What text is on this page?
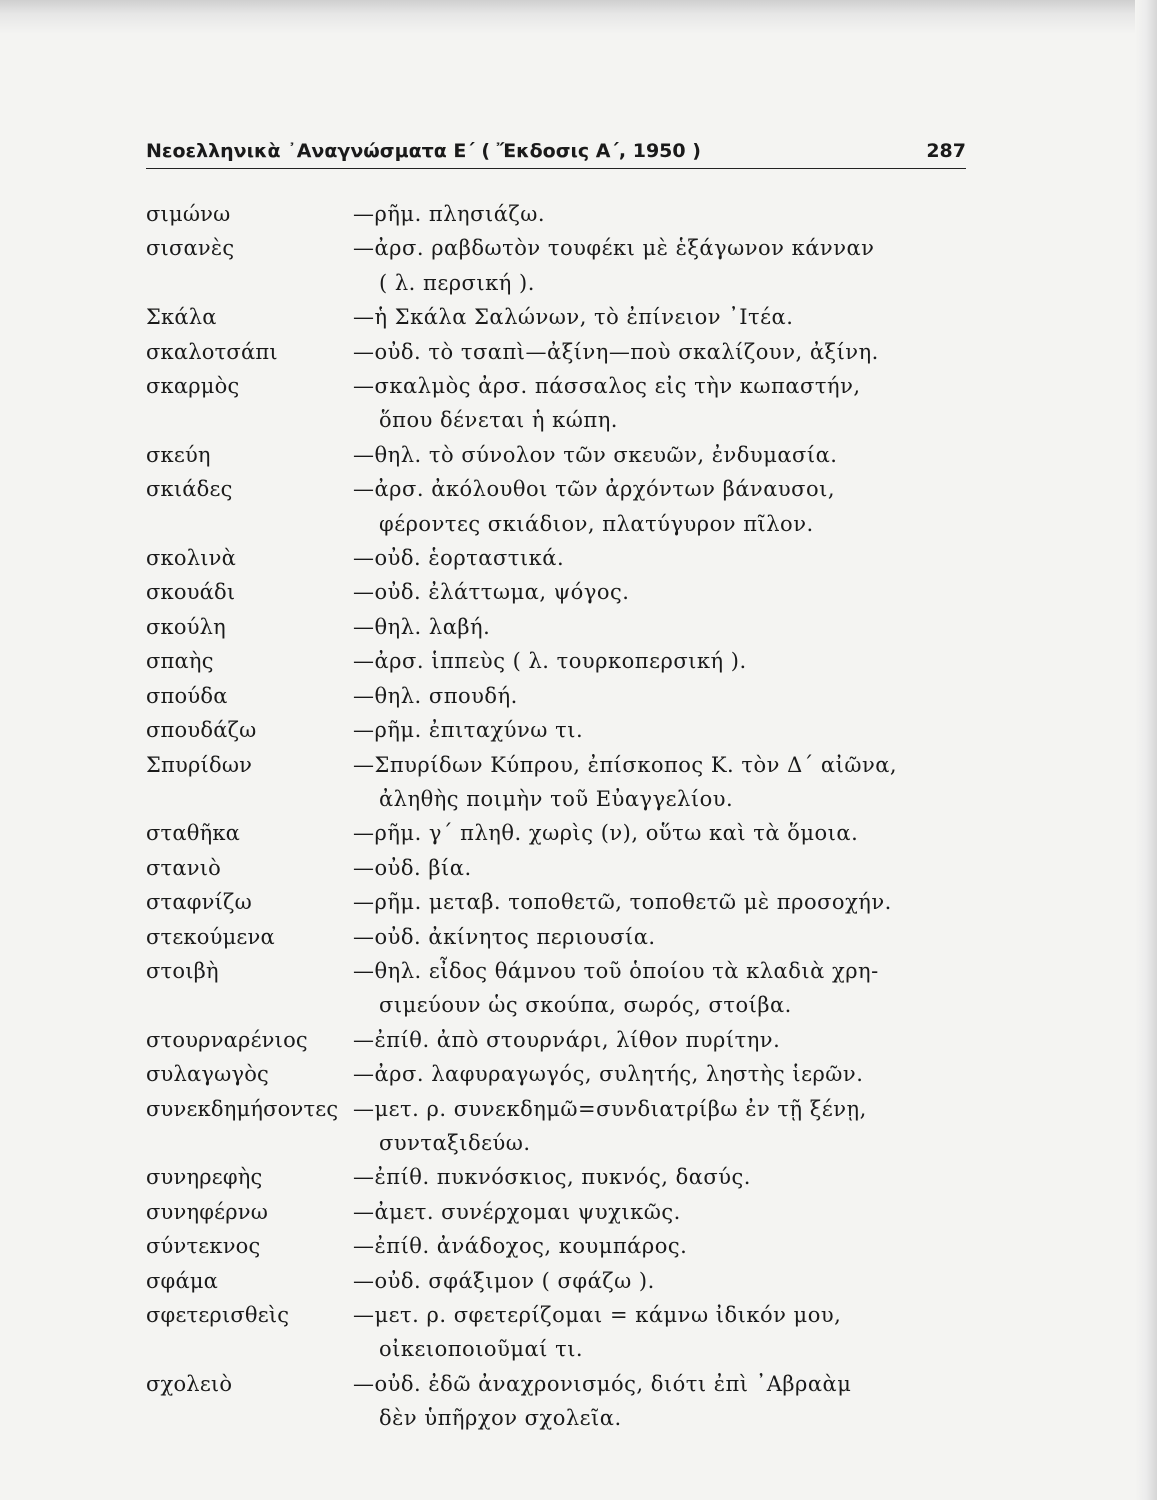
Νεοελληνικὰ ᾿Αναγνώσματα Ε΄ ( Ἔκδοσις Α΄, 1950 )	287
σιμώνω	—ρῆμ. πλησιάζω.
σισανὲς	—ἀρσ. ραβδωτὸν τουφέκι μὲ ἑξάγωνον κάνναν
( λ. περσική ).
Σκάλα	—ἡ Σκάλα Σαλώνων, τὸ ἐπίνειον ᾿Ιτέα.
σκαλοτσάπι	—οὐδ. τὸ τσαπὶ—ἀξίνη—ποὺ σκαλίζουν, ἀξίνη.
σκαρμὸς	—σκαλμὸς ἀρσ. πάσσαλος εἰς τὴν κωπαστήν,
ὅπου δένεται ἡ κώπη.
σκεύη	—θηλ. τὸ σύνολον τῶν σκευῶν, ἐνδυμασία.
σκιάδες	—ἀρσ. ἀκόλουθοι τῶν ἀρχόντων βάναυσοι,
φέροντες σκιάδιον, πλατύγυρον πῖλον.
σκολινὰ	—οὐδ. ἑορταστικά.
σκουάδι	—οὐδ. ἐλάττωμα, ψόγος.
σκούλη	—θηλ. λαβή.
σπαὴς	—ἀρσ. ἱππεὺς ( λ. τουρκοπερσική ).
σπούδα	—θηλ. σπουδή.
σπουδάζω	—ρῆμ. ἐπιταχύνω τι.
Σπυρίδων	—Σπυρίδων Κύπρου, ἐπίσκοπος Κ. τὸν Δ΄ αἰῶνα,
ἀληθὴς ποιμὴν τοῦ Εὐαγγελίου.
σταθῆκα	—ρῆμ. γ΄ πληθ. χωρὶς (ν), οὕτω καὶ τὰ ὅμοια.
στανιὸ	—οὐδ. βία.
σταφνίζω	—ρῆμ. μεταβ. τοποθετῶ, τοποθετῶ μὲ προσοχήν.
στεκούμενα	—οὐδ. ἀκίνητος περιουσία.
στοιβὴ	—θηλ. εἶδος θάμνου τοῦ ὁποίου τὰ κλαδιὰ χρη-
σιμεύουν ὡς σκούπα, σωρός, στοίβα.
στουρναρένιος	—ἐπίθ. ἀπὸ στουρνάρι, λίθον πυρίτην.
συλαγωγὸς	—ἀρσ. λαφυραγωγός, συλητής, ληστὴς ἱερῶν.
συνεκδημήσοντες —μετ. ρ. συνεκδημῶ=συνδιατρίβω ἐν τῇ ξένῃ,
συνταξιδεύω.
συνηρεφὴς	—ἐπίθ. πυκνόσκιος, πυκνός, δασύς.
συνηφέρνω	—ἀμετ. συνέρχομαι ψυχικῶς.
σύντεκνος	—ἐπίθ. ἀνάδοχος, κουμπάρος.
σφάμα	—οὐδ. σφάξιμον ( σφάζω ).
σφετερισθεὶς	—μετ. ρ. σφετερίζομαι = κάμνω ἰδικόν μου,
οἰκειοποιοῦμαί τι.
σχολειὸ	—οὐδ. ἐδῶ ἀναχρονισμός, διότι ἐπὶ ᾿Αβραὰμ
δὲν ὑπῆρχον σχολεῖα.
